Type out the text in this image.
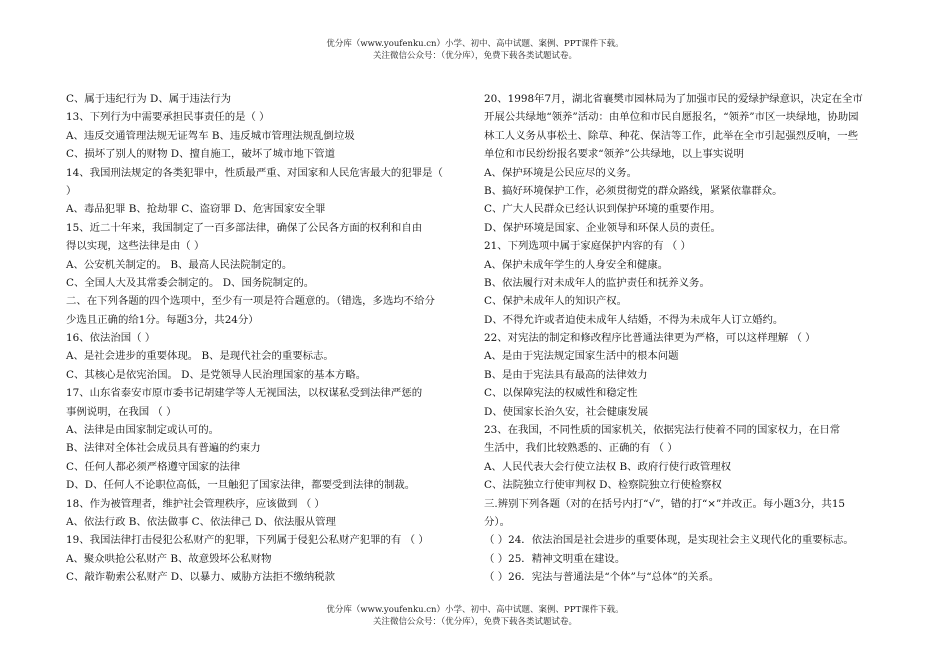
优分库（www.youfenku.cn）小学、初中、高中试题、案例、PPT课件下载。
关注微信公众号：（优分库），免费下载各类试题试卷。
C、属于违纪行为 D、属于违法行为
13、下列行为中需要承担民事责任的是（ ）
A、违反交通管理法规无证驾车 B、违反城市管理法规乱倒垃圾
C、损坏了别人的财物 D、擅自施工，破坏了城市地下管道
14、我国刑法规定的各类犯罪中，性质最严重、对国家和人民危害最大的犯罪是（
）
A、毒品犯罪 B、抢劫罪 C、盗窃罪 D、危害国家安全罪
15、近二十年来，我国制定了一百多部法律，确保了公民各方面的权利和自由
得以实现，这些法律是由（ ）
A、公安机关制定的。 B、最高人民法院制定的。
C、全国人大及其常委会制定的。 D、国务院制定的。
二、在下列各题的四个选项中，至少有一项是符合题意的。（错选，多选均不给分
少选且正确的给1分。每题3分，共24分）
16、依法治国（ ）
A、是社会进步的重要体现。 B、是现代社会的重要标志。
C、其核心是依宪治国。 D、是党领导人民治理国家的基本方略。
17、山东省泰安市原市委书记胡建学等人无视国法，以权谋私受到法律严惩的
事例说明，在我国 （ ）
A、法律是由国家制定或认可的。
B、法律对全体社会成员具有普遍的约束力
C、任何人都必须严格遵守国家的法律
D、D、任何人不论职位高低，一旦触犯了国家法律，都要受到法律的制裁。
18、作为被管理者，维护社会管理秩序，应该做到 （ ）
A、依法行政 B、依法做事 C、依法律己 D、依法服从管理
19、我国法律打击侵犯公私财产的犯罪，下列属于侵犯公私财产犯罪的有 （ ）
A、聚众哄抢公私财产 B、故意毁坏公私财物
C、敲诈勒索公私财产 D、以暴力、威胁方法拒不缴纳税款
20、1998年7月，湖北省襄樊市园林局为了加强市民的爱绿护绿意识，决定在全市
开展公共绿地“领养”活动：由单位和市民自愿报名，“领养”市区一块绿地，协助园
林工人义务从事松土、除草、种花、保洁等工作，此举在全市引起强烈反响，一些
单位和市民纷纷报名要求“领养”公共绿地，以上事实说明
A、保护环境是公民应尽的义务。
B、搞好环境保护工作，必须贯彻党的群众路线，紧紧依靠群众。
C、广大人民群众已经认识到保护环境的重要作用。
D、保护环境是国家、企业领导和环保人员的责任。
21、下列选项中属于家庭保护内容的有 （ ）
A、保护未成年学生的人身安全和健康。
B、依法履行对未成年人的监护责任和抚养义务。
C、保护未成年人的知识产权。
D、不得允许或者迫使未成年人结婚，不得为未成年人订立婚约。
22、对宪法的制定和修改程序比普通法律更为严格，可以这样理解 （ ）
A、是由于宪法规定国家生活中的根本问题
B、是由于宪法具有最高的法律效力
C、以保障宪法的权威性和稳定性
D、使国家长治久安，社会健康发展
23、在我国，不同性质的国家机关，依据宪法行使着不同的国家权力，在日常
生活中，我们比较熟悉的、正确的有 （ ）
A、人民代表大会行使立法权 B、政府行使行政管理权
C、法院独立行使审判权 D、检察院独立行使检察权
三.辨别下列各题（对的在括号内打“√”，错的打“×”并改正。每小题3分，共15
分）。
（ ）24．依法治国是社会进步的重要体现，是实现社会主义现代化的重要标志。
（ ）25．精神文明重在建设。
（ ）26．宪法与普通法是“个体”与“总体”的关系。
优分库（www.youfenku.cn）小学、初中、高中试题、案例、PPT课件下载。
关注微信公众号：（优分库），免费下载各类试题试卷。
